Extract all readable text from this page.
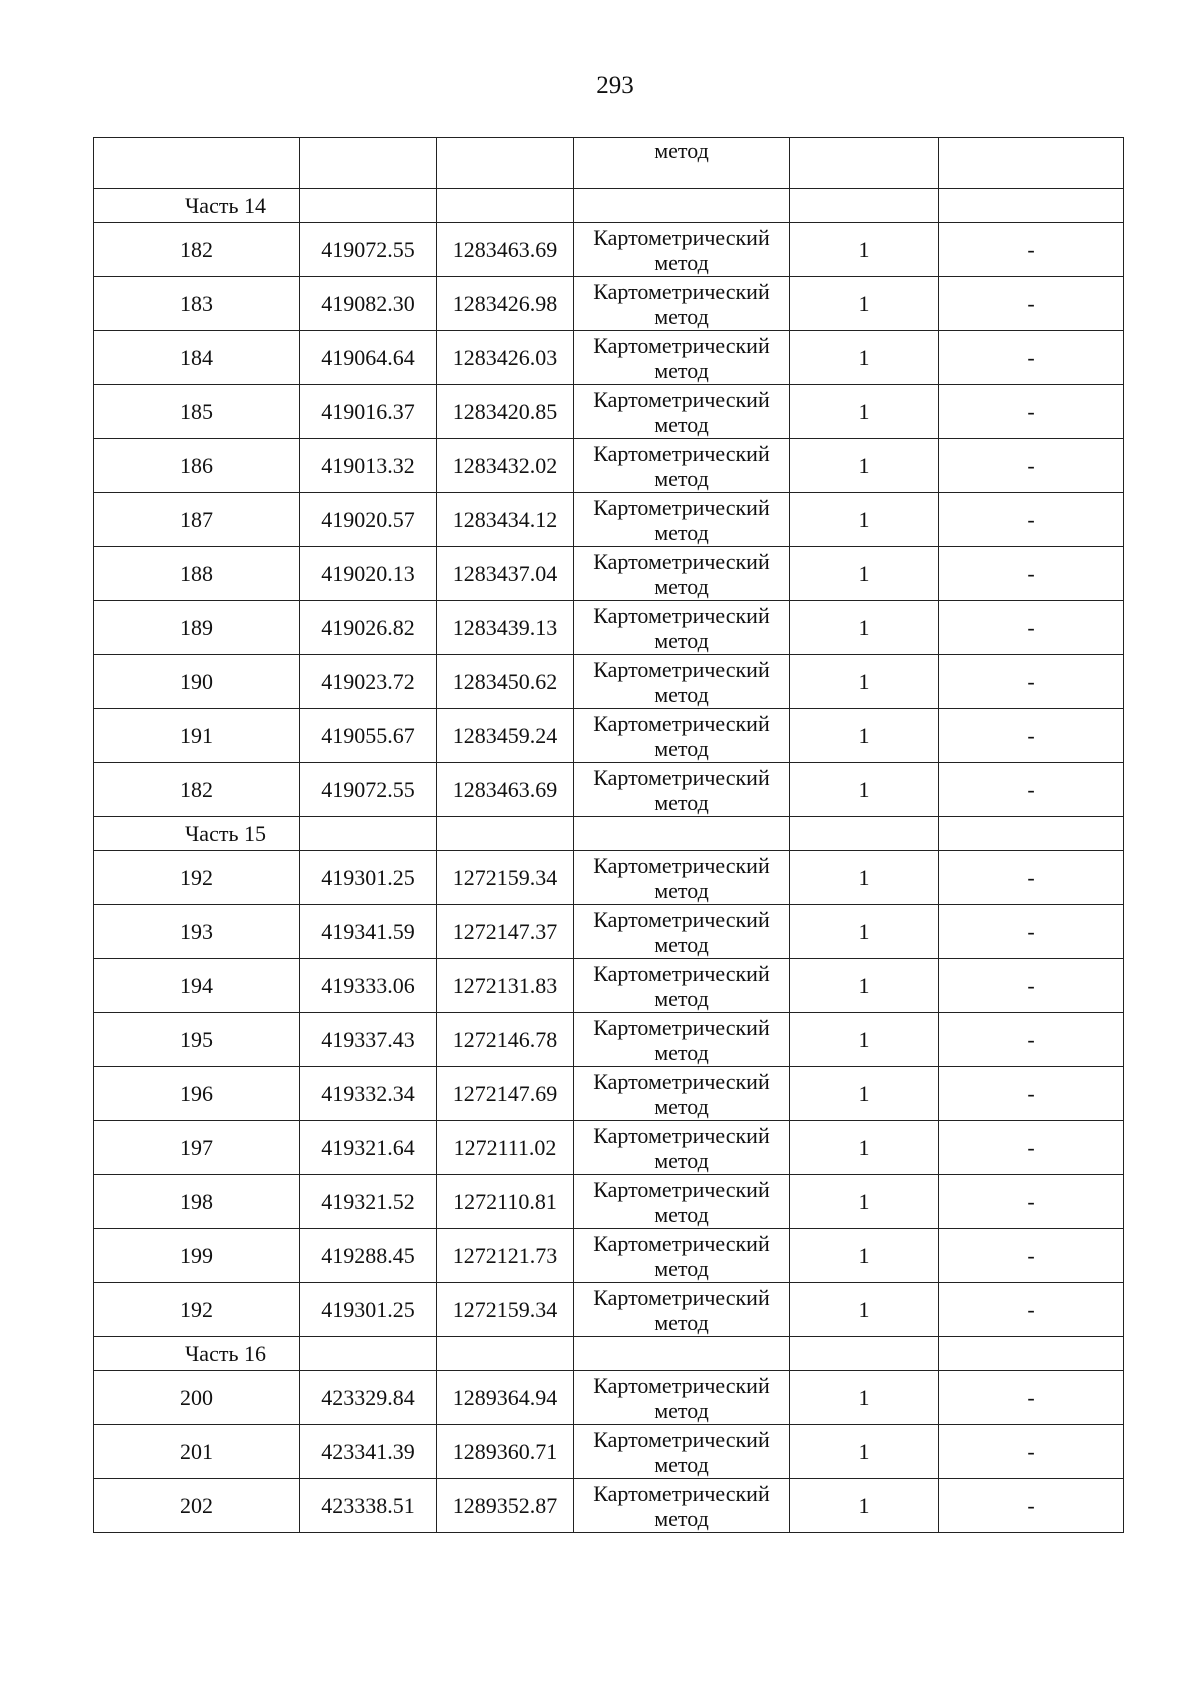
293

			метод		

Часть 14					
182	419072.55	1283463.69	Картометрический метод	1	-
183	419082.30	1283426.98	Картометрический метод	1	-
184	419064.64	1283426.03	Картометрический метод	1	-
185	419016.37	1283420.85	Картометрический метод	1	-
186	419013.32	1283432.02	Картометрический метод	1	-
187	419020.57	1283434.12	Картометрический метод	1	-
188	419020.13	1283437.04	Картометрический метод	1	-
189	419026.82	1283439.13	Картометрический метод	1	-
190	419023.72	1283450.62	Картометрический метод	1	-
191	419055.67	1283459.24	Картометрический метод	1	-
182	419072.55	1283463.69	Картометрический метод	1	-
Часть 15					
192	419301.25	1272159.34	Картометрический метод	1	-
193	419341.59	1272147.37	Картометрический метод	1	-
194	419333.06	1272131.83	Картометрический метод	1	-
195	419337.43	1272146.78	Картометрический метод	1	-
196	419332.34	1272147.69	Картометрический метод	1	-
197	419321.64	1272111.02	Картометрический метод	1	-
198	419321.52	1272110.81	Картометрический метод	1	-
199	419288.45	1272121.73	Картометрический метод	1	-
192	419301.25	1272159.34	Картометрический метод	1	-
Часть 16					
200	423329.84	1289364.94	Картометрический метод	1	-
201	423341.39	1289360.71	Картометрический метод	1	-
202	423338.51	1289352.87	Картометрический метод	1	-
